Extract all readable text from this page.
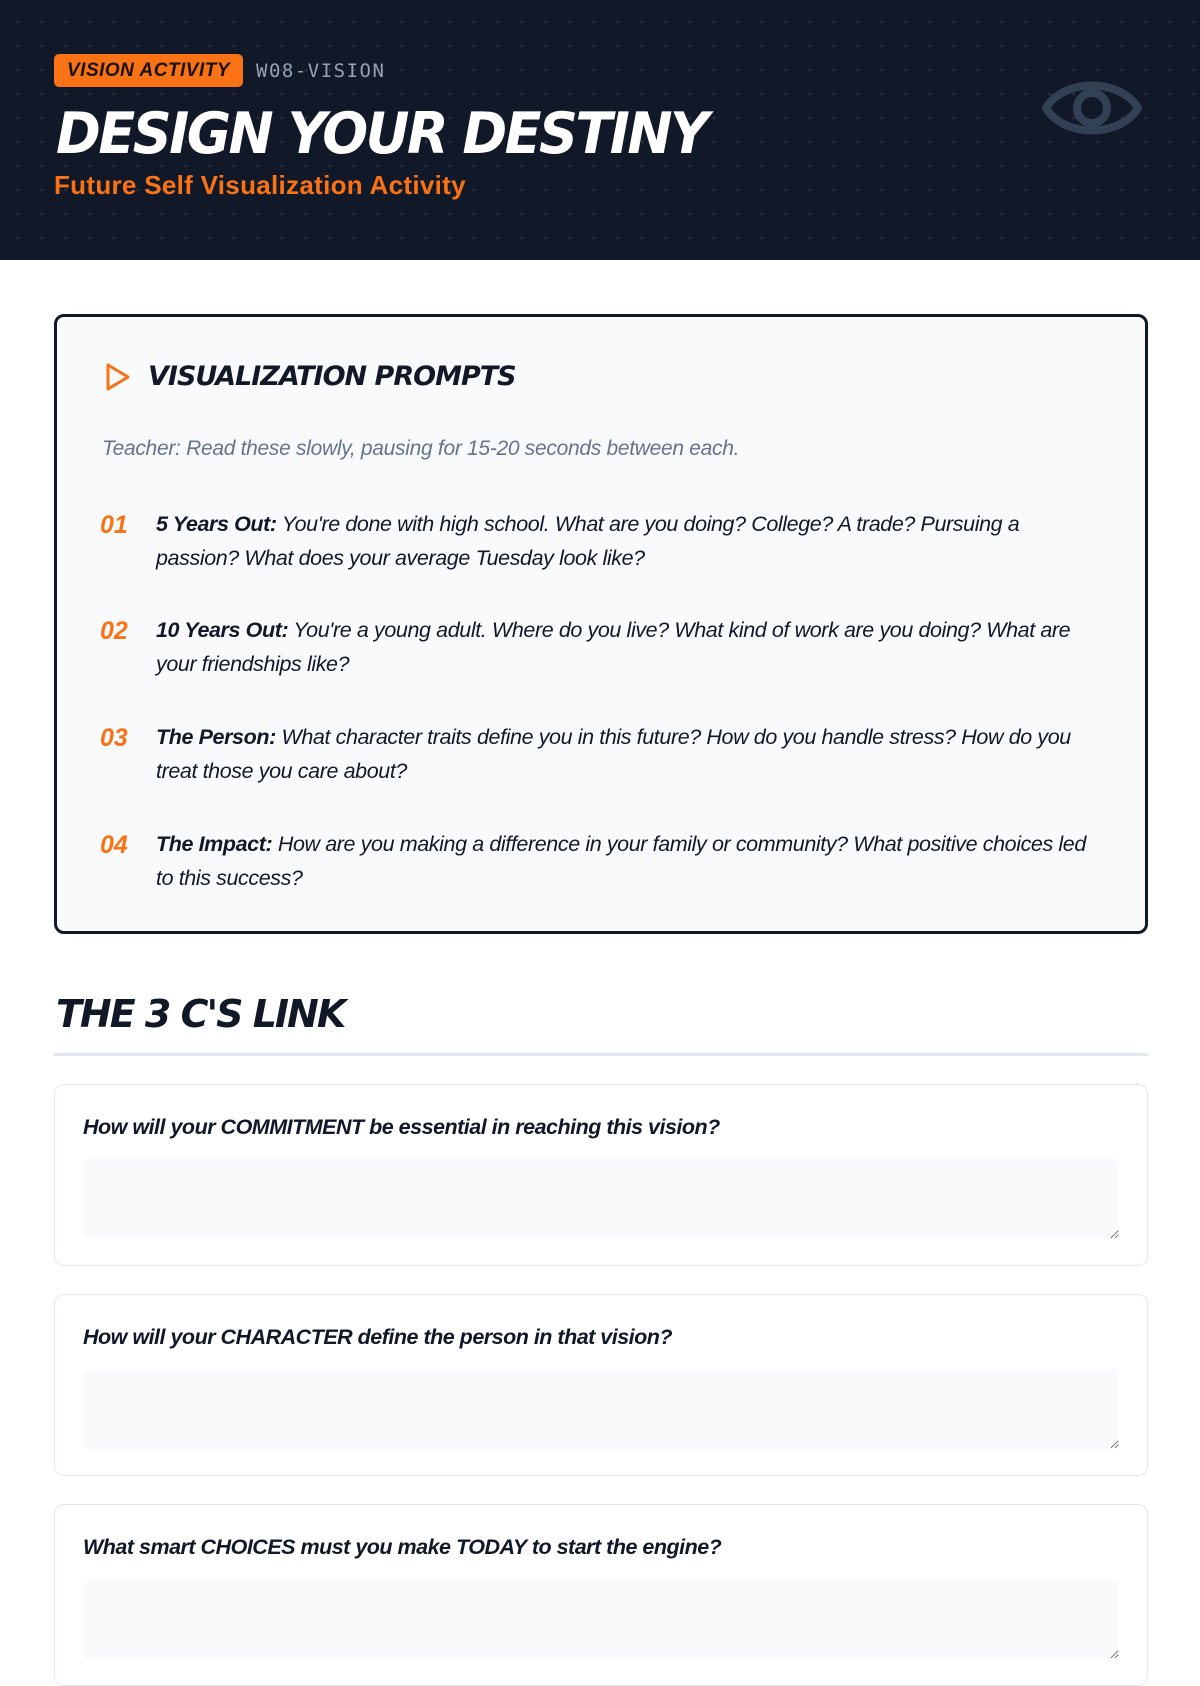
VISION ACTIVITY	W08-VISION
DESIGN YOUR DESTINY
Future Self Visualization Activity
VISUALIZATION PROMPTS

Teacher: Read these slowly, pausing for 15-20 seconds between each.

01	5 Years Out: You're done with high school. What are you doing? College? A trade? Pursuing a passion? What does your average Tuesday look like?

02	10 Years Out: You're a young adult. Where do you live? What kind of work are you doing? What are your friendships like?

03	The Person: What character traits define you in this future? How do you handle stress? How do you treat those you care about?

04	The Impact: How are you making a difference in your family or community? What positive choices led to this success?

THE 3 C'S LINK
How will your COMMITMENT be essential in reaching this vision?
How will your CHARACTER define the person in that vision?
What smart CHOICES must you make TODAY to start the engine?
